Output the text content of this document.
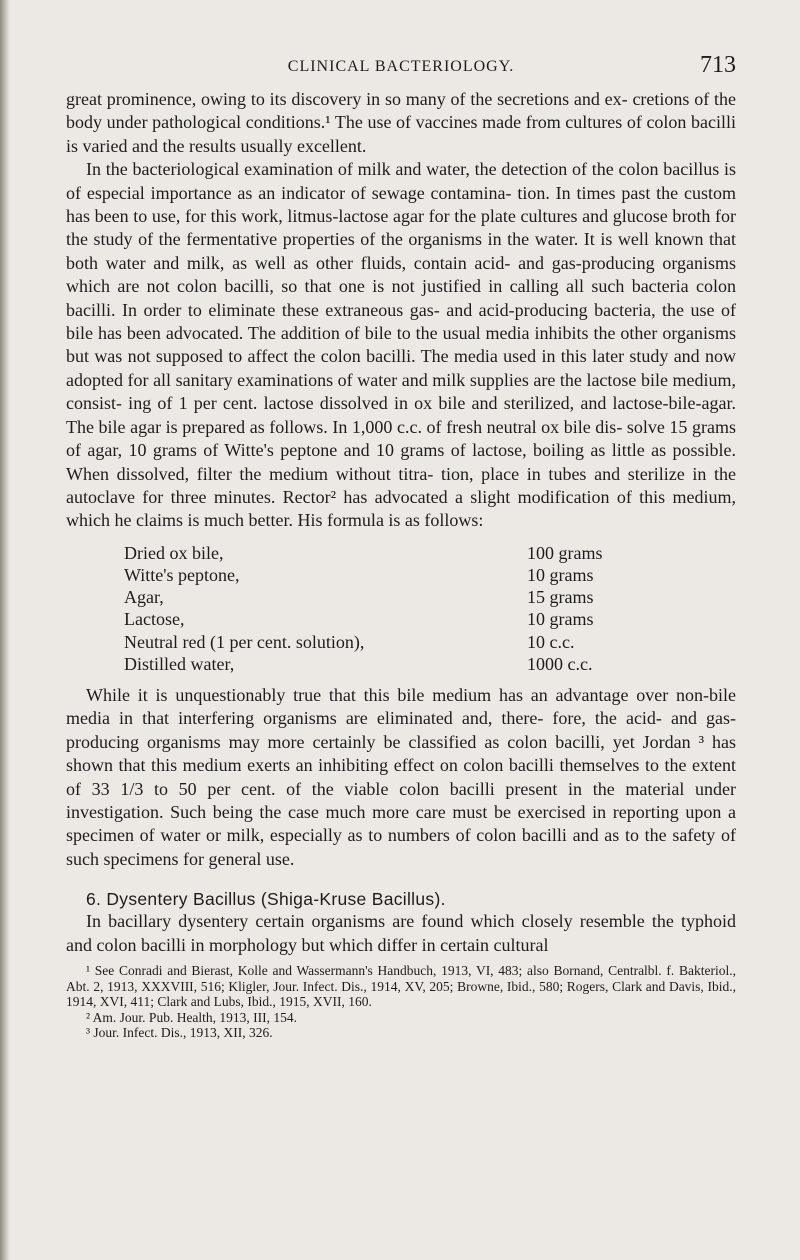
CLINICAL BACTERIOLOGY.	713

great prominence, owing to its discovery in so many of the secretions and ex- cretions of the body under pathological conditions.¹ The use of vaccines made from cultures of colon bacilli is varied and the results usually excellent.

In the bacteriological examination of milk and water, the detection of the colon bacillus is of especial importance as an indicator of sewage contamina- tion. In times past the custom has been to use, for this work, litmus-lactose agar for the plate cultures and glucose broth for the study of the fermentative properties of the organisms in the water. It is well known that both water and milk, as well as other fluids, contain acid- and gas-producing organisms which are not colon bacilli, so that one is not justified in calling all such bacteria colon bacilli. In order to eliminate these extraneous gas- and acid-producing bacteria, the use of bile has been advocated. The addition of bile to the usual media inhibits the other organisms but was not supposed to affect the colon bacilli. The media used in this later study and now adopted for all sanitary examinations of water and milk supplies are the lactose bile medium, consist- ing of 1 per cent. lactose dissolved in ox bile and sterilized, and lactose-bile-agar. The bile agar is prepared as follows. In 1,000 c.c. of fresh neutral ox bile dis- solve 15 grams of agar, 10 grams of Witte's peptone and 10 grams of lactose, boiling as little as possible. When dissolved, filter the medium without titra- tion, place in tubes and sterilize in the autoclave for three minutes. Rector² has advocated a slight modification of this medium, which he claims is much better. His formula is as follows:

Dried ox bile,	100 grams
Witte's peptone,	10 grams
Agar,	15 grams
Lactose,	10 grams
Neutral red (1 per cent. solution),	10 c.c.
Distilled water,	1000 c.c.

While it is unquestionably true that this bile medium has an advantage over non-bile media in that interfering organisms are eliminated and, there- fore, the acid- and gas-producing organisms may more certainly be classified as colon bacilli, yet Jordan ³ has shown that this medium exerts an inhibiting effect on colon bacilli themselves to the extent of 33 1/3 to 50 per cent. of the viable colon bacilli present in the material under investigation. Such being the case much more care must be exercised in reporting upon a specimen of water or milk, especially as to numbers of colon bacilli and as to the safety of such specimens for general use.

6. Dysentery Bacillus (Shiga-Kruse Bacillus).

In bacillary dysentery certain organisms are found which closely resemble the typhoid and colon bacilli in morphology but which differ in certain cultural

¹ See Conradi and Bierast, Kolle and Wassermann's Handbuch, 1913, VI, 483; also Bornand, Centralbl. f. Bakteriol., Abt. 2, 1913, XXXVIII, 516; Kligler, Jour. Infect. Dis., 1914, XV, 205; Browne, Ibid., 580; Rogers, Clark and Davis, Ibid., 1914, XVI, 411; Clark and Lubs, Ibid., 1915, XVII, 160.

² Am. Jour. Pub. Health, 1913, III, 154.

³ Jour. Infect. Dis., 1913, XII, 326.
